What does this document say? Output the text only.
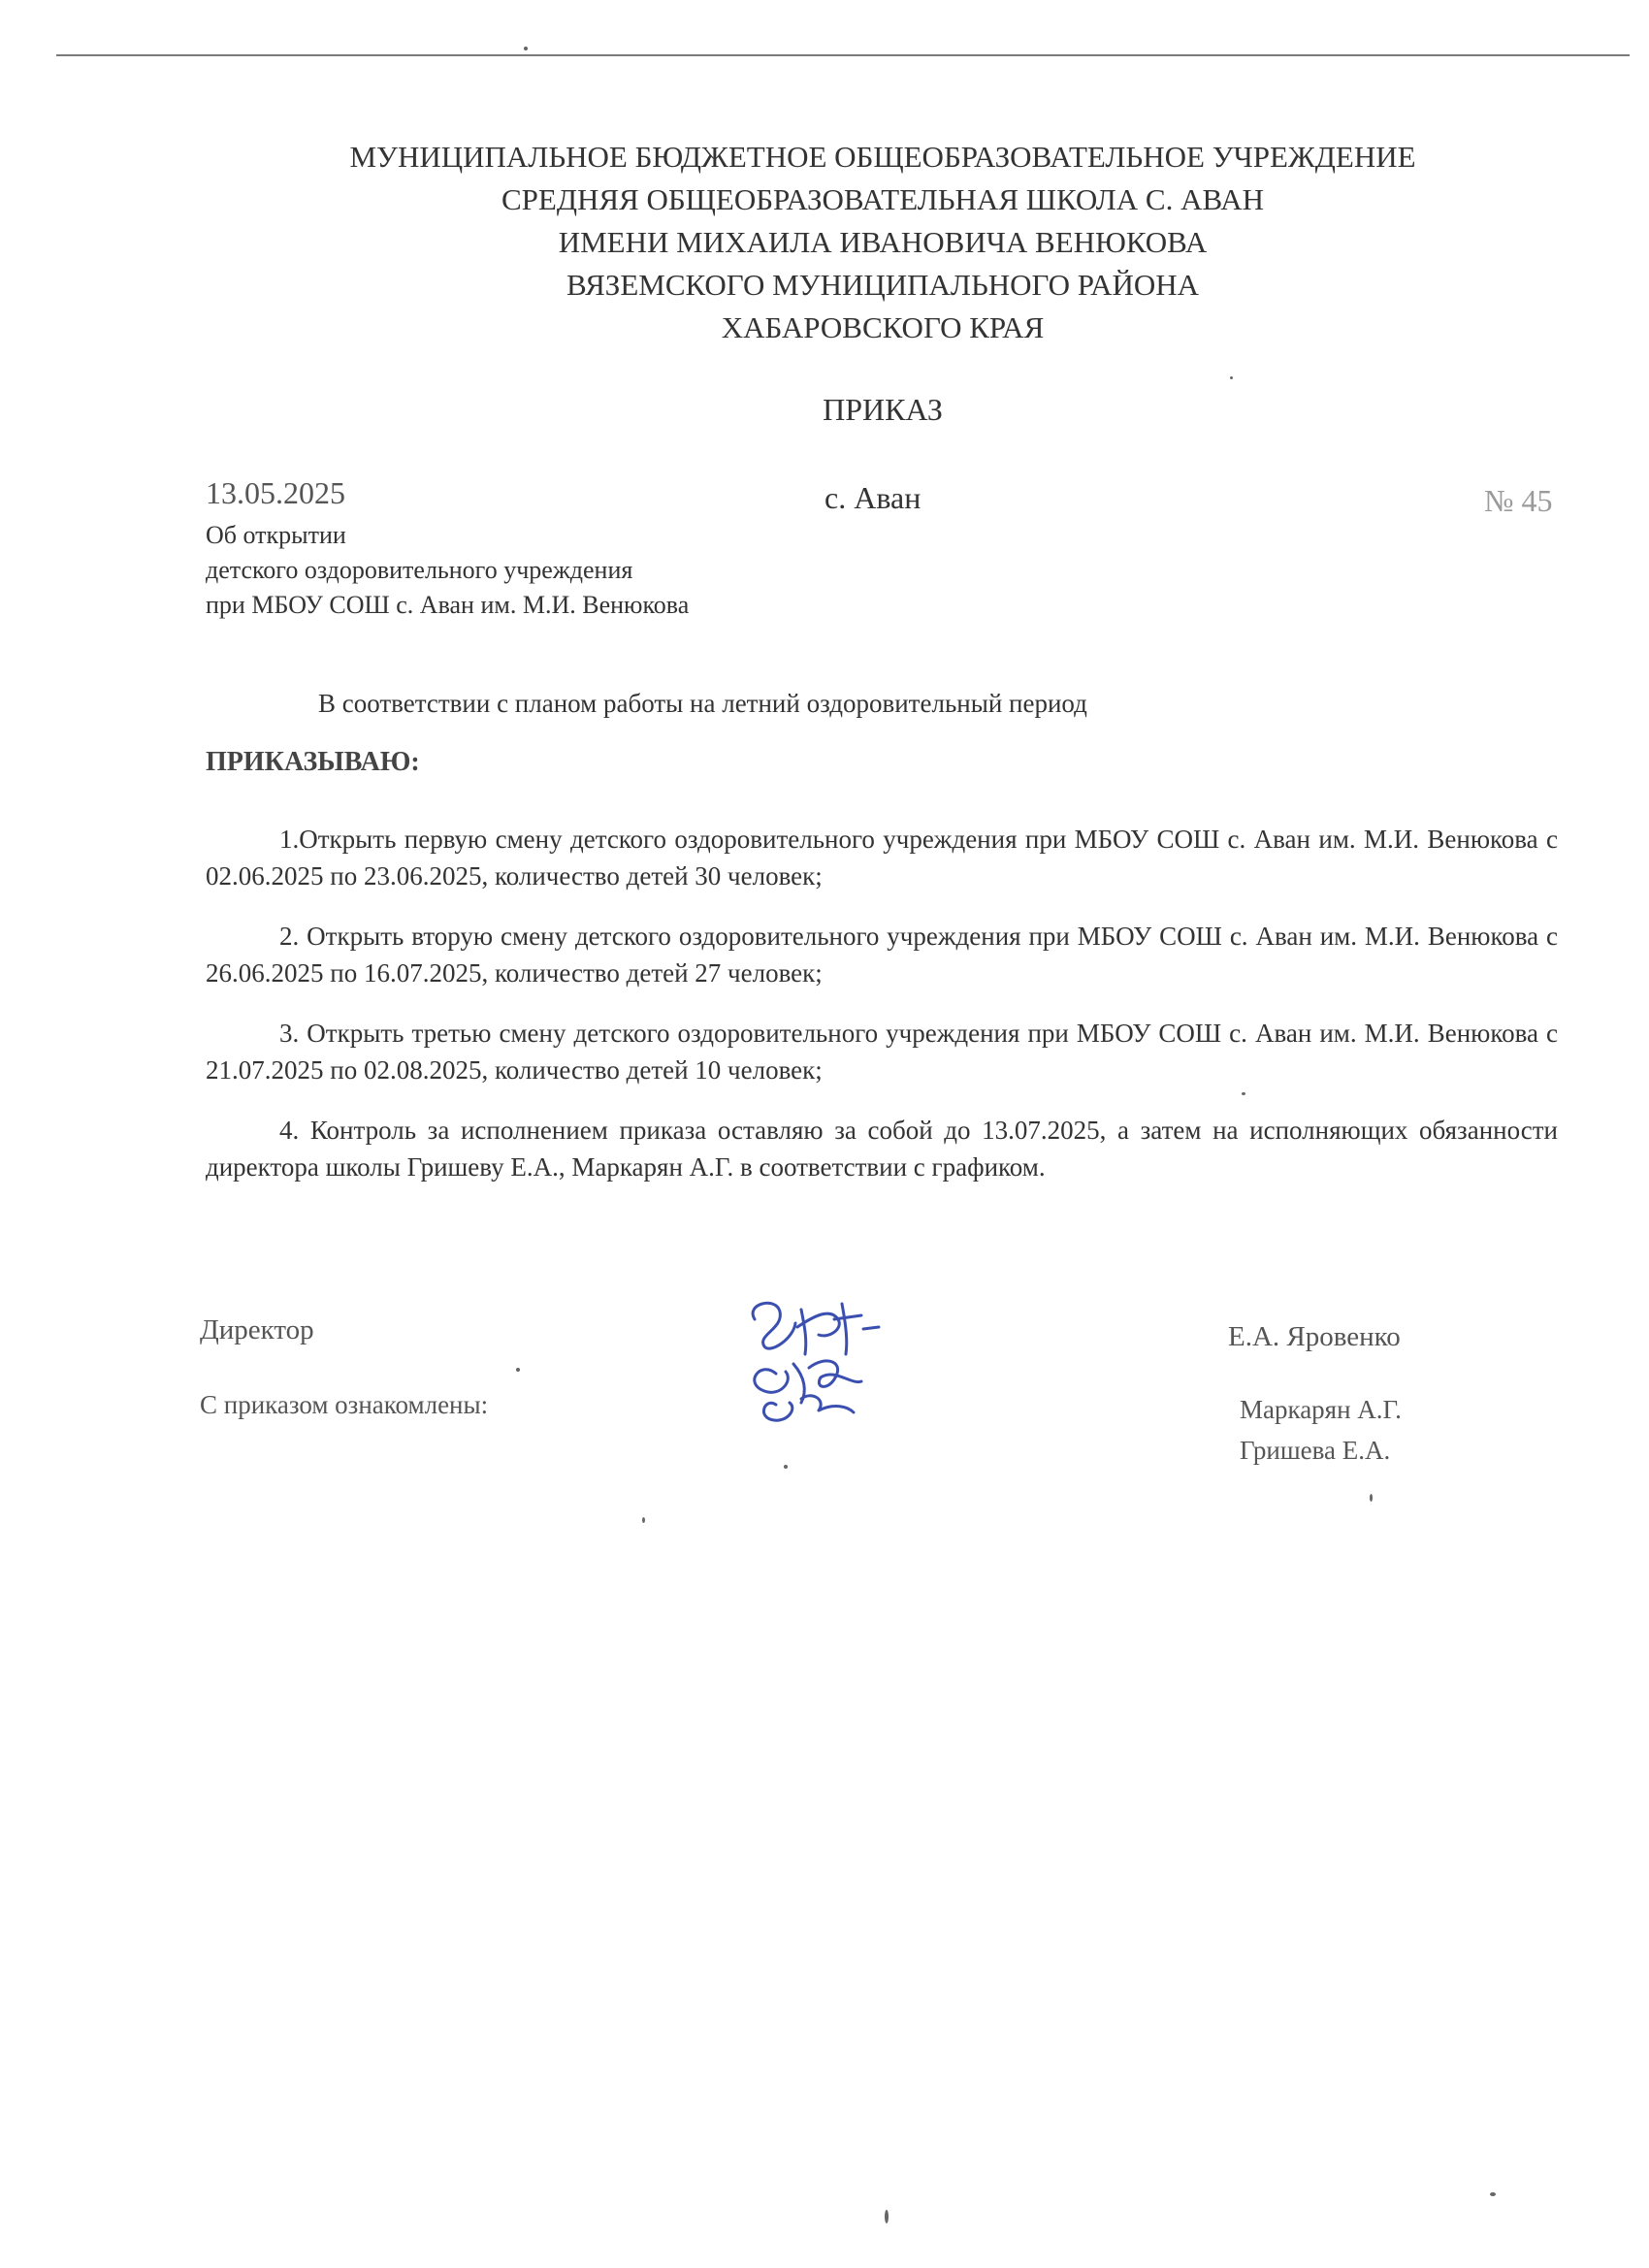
МУНИЦИПАЛЬНОЕ БЮДЖЕТНОЕ ОБЩЕОБРАЗОВАТЕЛЬНОЕ УЧРЕЖДЕНИЕ
СРЕДНЯЯ ОБЩЕОБРАЗОВАТЕЛЬНАЯ ШКОЛА С. АВАН
ИМЕНИ МИХАИЛА ИВАНОВИЧА ВЕНЮКОВА
ВЯЗЕМСКОГО МУНИЦИПАЛЬНОГО РАЙОНА
ХАБАРОВСКОГО КРАЯ
ПРИКАЗ
13.05.2025	с. Аван	№ 45
Об открытии
детского оздоровительного учреждения
при МБОУ СОШ с. Аван им. М.И. Венюкова
В соответствии с планом работы на летний оздоровительный период
ПРИКАЗЫВАЮ:

1.Открыть первую смену детского оздоровительного учреждения при МБОУ СОШ с. Аван им. М.И. Венюкова с 02.06.2025 по 23.06.2025, количество детей 30 человек;

2. Открыть вторую смену детского оздоровительного учреждения при МБОУ СОШ с. Аван им. М.И. Венюкова с 26.06.2025 по 16.07.2025, количество детей 27 человек;

3. Открыть третью смену детского оздоровительного учреждения при МБОУ СОШ с. Аван им. М.И. Венюкова с 21.07.2025 по 02.08.2025, количество детей 10 человек;

4. Контроль за исполнением приказа оставляю за собой до 13.07.2025, а затем на исполняющих обязанности директора школы Гришеву Е.А., Маркарян А.Г. в соответствии с графиком.

Директор	Е.А. Яровенко
С приказом ознакомлены:	Маркарян А.Г.
Гришева Е.А.
